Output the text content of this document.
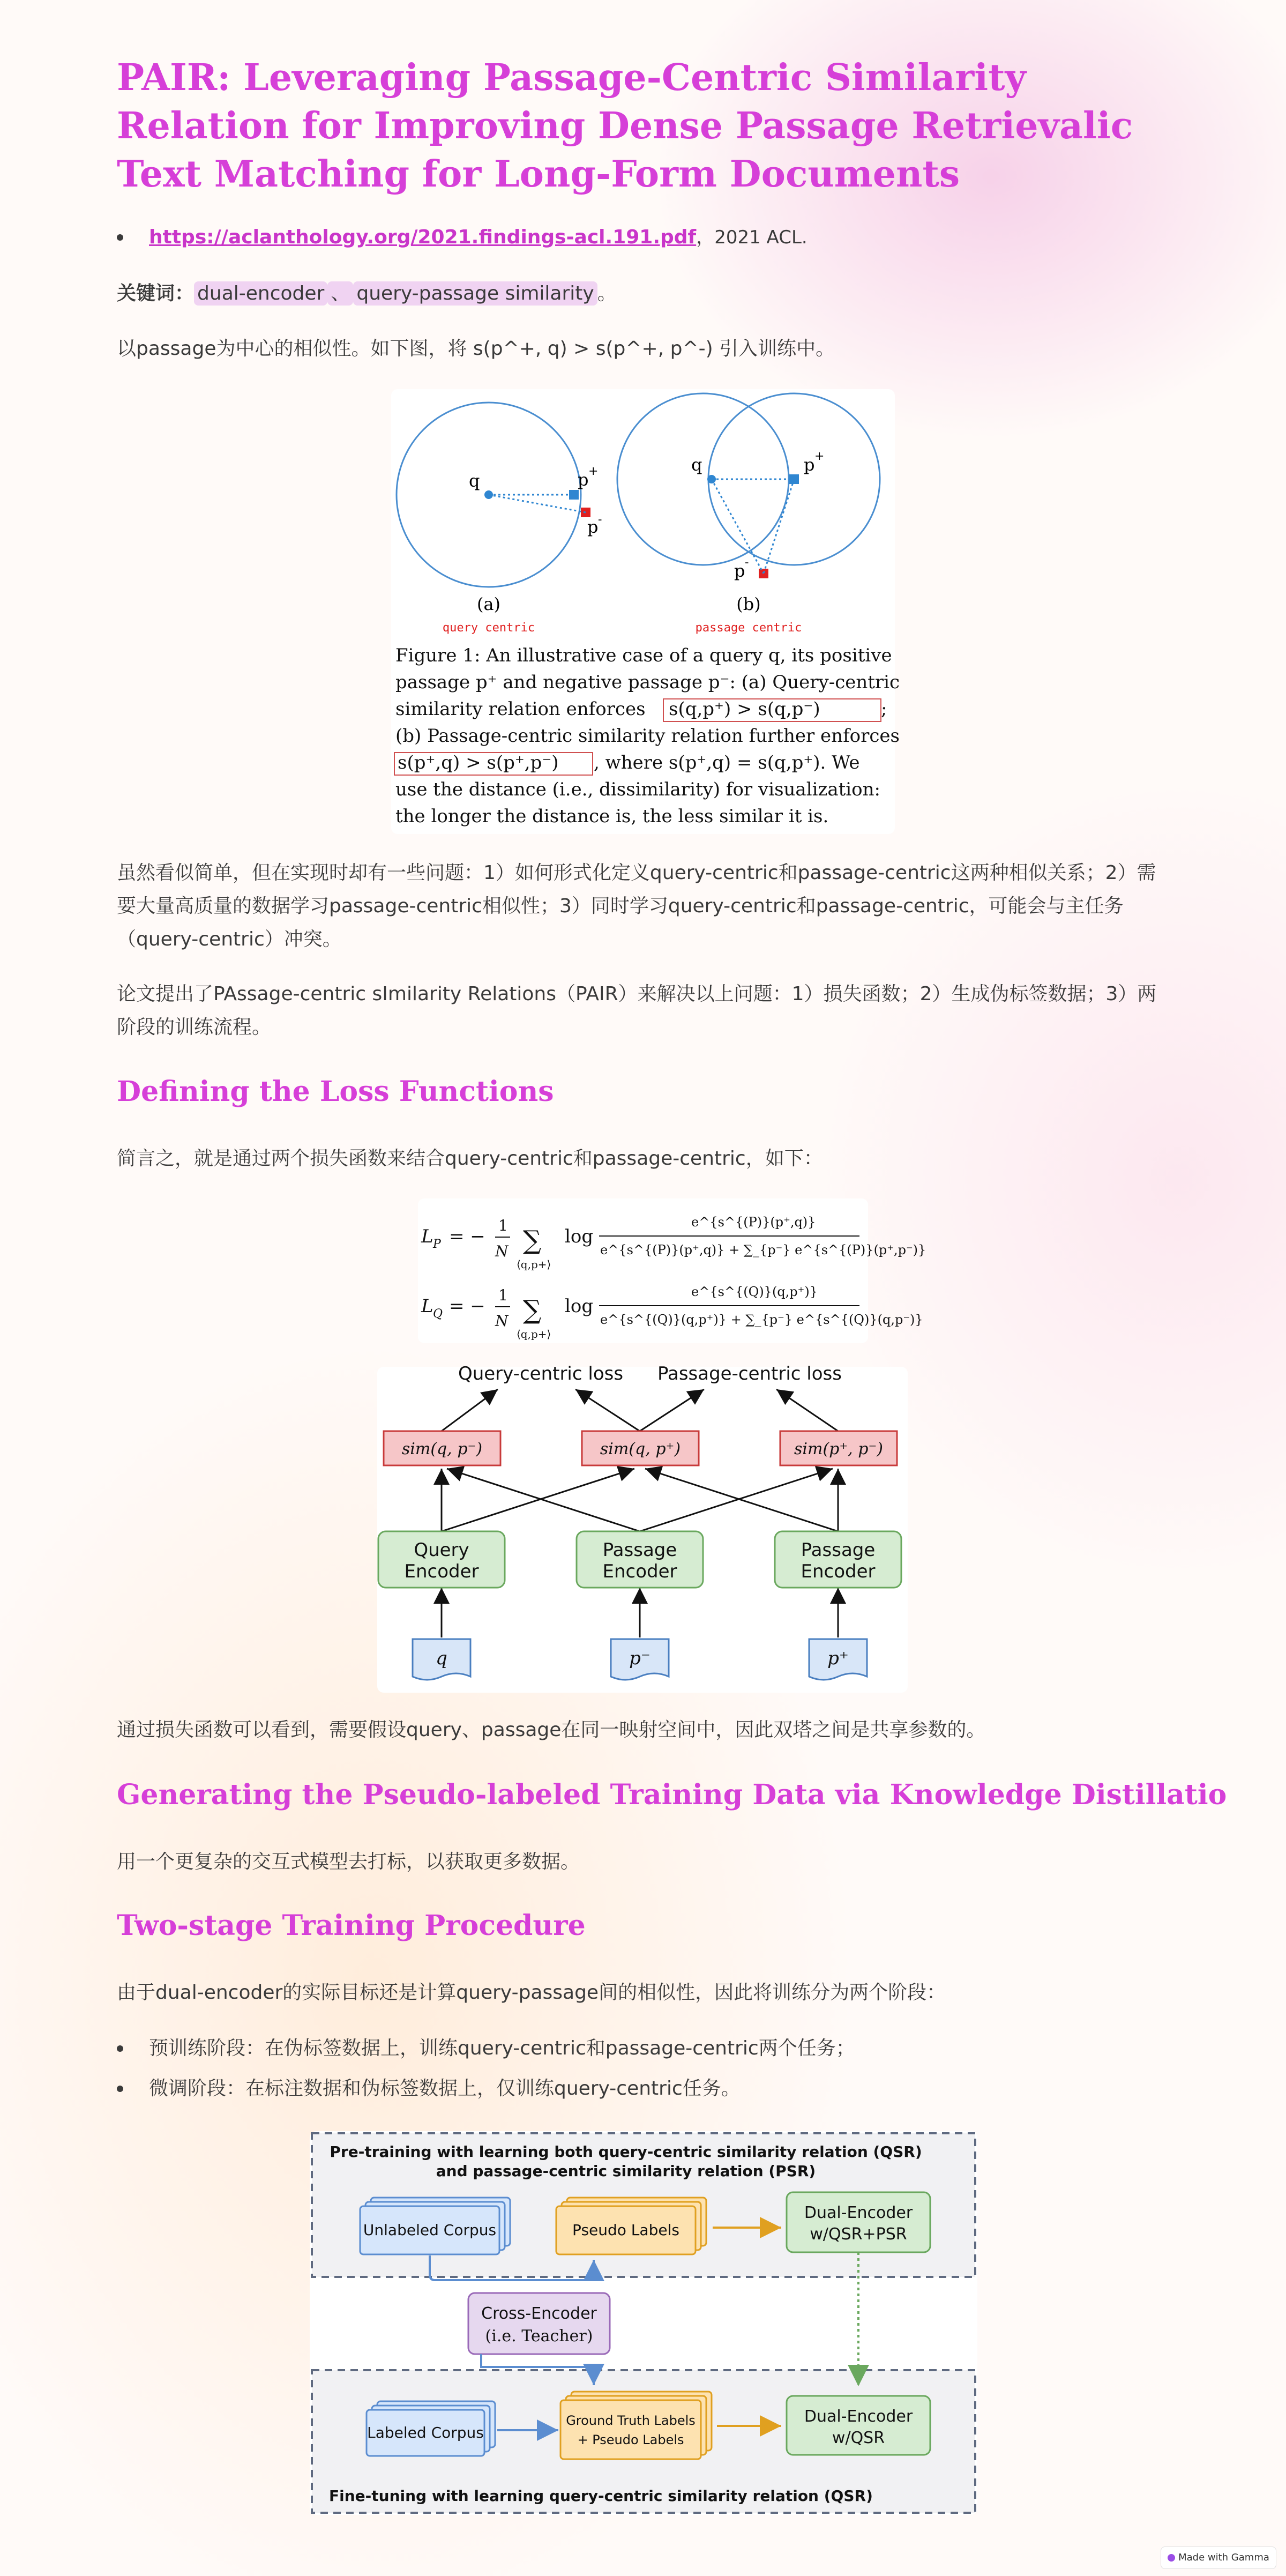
PAIR: Leveraging Passage-Centric Similarity Relation for Improving Dense Passage Retrievalic Text Matching for Long-Form Documents
https://aclanthology.org/2021.findings-acl.191.pdf，2021 ACL.
关键词： dual-encoder 、 query-passage similarity 。

以passage为中心的相似性。如下图，将 s(p^+, q) > s(p^+, p^-) 引入训练中。

q	p +
p -
(a)
query centric
q	p +
p -
(b)
passage centric
Figure 1: An illustrative case of a query q, its positive
passage p⁺ and negative passage p⁻: (a) Query-centric
similarity relation enforces s(q,p⁺) > s(q,p⁻)	;
(b) Passage-centric similarity relation further enforces
s(p⁺,q) > s(p⁺,p⁻) , where s(p⁺,q) = s(q,p⁺). We
use the distance (i.e., dissimilarity) for visualization:
the longer the distance is, the less similar it is.

虽然看似简单，但在实现时却有一些问题：1）如何形式化定义query-centric和passage-centric这两种相似关系；2）需要大量高质量的数据学习passage-centric相似性；3）同时学习query-centric和passage-centric，可能会与主任务（query-centric）冲突。

论文提出了PAssage-centric sImilarity Relations（PAIR）来解决以上问题：1）损失函数；2）生成伪标签数据；3）两阶段的训练流程。

Defining the Loss Functions

简言之，就是通过两个损失函数来结合query-centric和passage-centric，如下：

L P = −
1
N ∑
⟨q,p+⟩
log
e^{s^{(P)}(p⁺,q)}
e^{s^{(P)}(p⁺,q)} + ∑_{p⁻} e^{s^{(P)}(p⁺,p⁻)}
L Q = −
1
N ∑
⟨q,p+⟩
log
e^{s^{(Q)}(q,p⁺)}
e^{s^{(Q)}(q,p⁺)} + ∑_{p⁻} e^{s^{(Q)}(q,p⁻)}
Query-centric loss Passage-centric loss
sim(q, p⁻)	sim(q, p⁺)	sim(p⁺, p⁻)
Query
Encoder
Passage
Encoder
Passage
Encoder
q	p⁻	p⁺

通过损失函数可以看到，需要假设query、passage在同一映射空间中，因此双塔之间是共享参数的。

Generating the Pseudo-labeled Training Data via Knowledge Distillatio

用一个更复杂的交互式模型去打标，以获取更多数据。

Two-stage Training Procedure

由于dual-encoder的实际目标还是计算query-passage间的相似性，因此将训练分为两个阶段：

预训练阶段：在伪标签数据上，训练query-centric和passage-centric两个任务；
微调阶段：在标注数据和伪标签数据上，仅训练query-centric任务。
Pre-training with learning both query-centric similarity relation (QSR)
and passage-centric similarity relation (PSR)
Fine-tuning with learning query-centric similarity relation (QSR)
Unlabeled Corpus	Pseudo Labels
Dual-Encoder
w/QSR+PSR
Cross-Encoder
(i.e. Teacher)
Labeled Corpus
Ground Truth Labels
+ Pseudo Labels
Dual-Encoder
w/QSR
Made with Gamma
